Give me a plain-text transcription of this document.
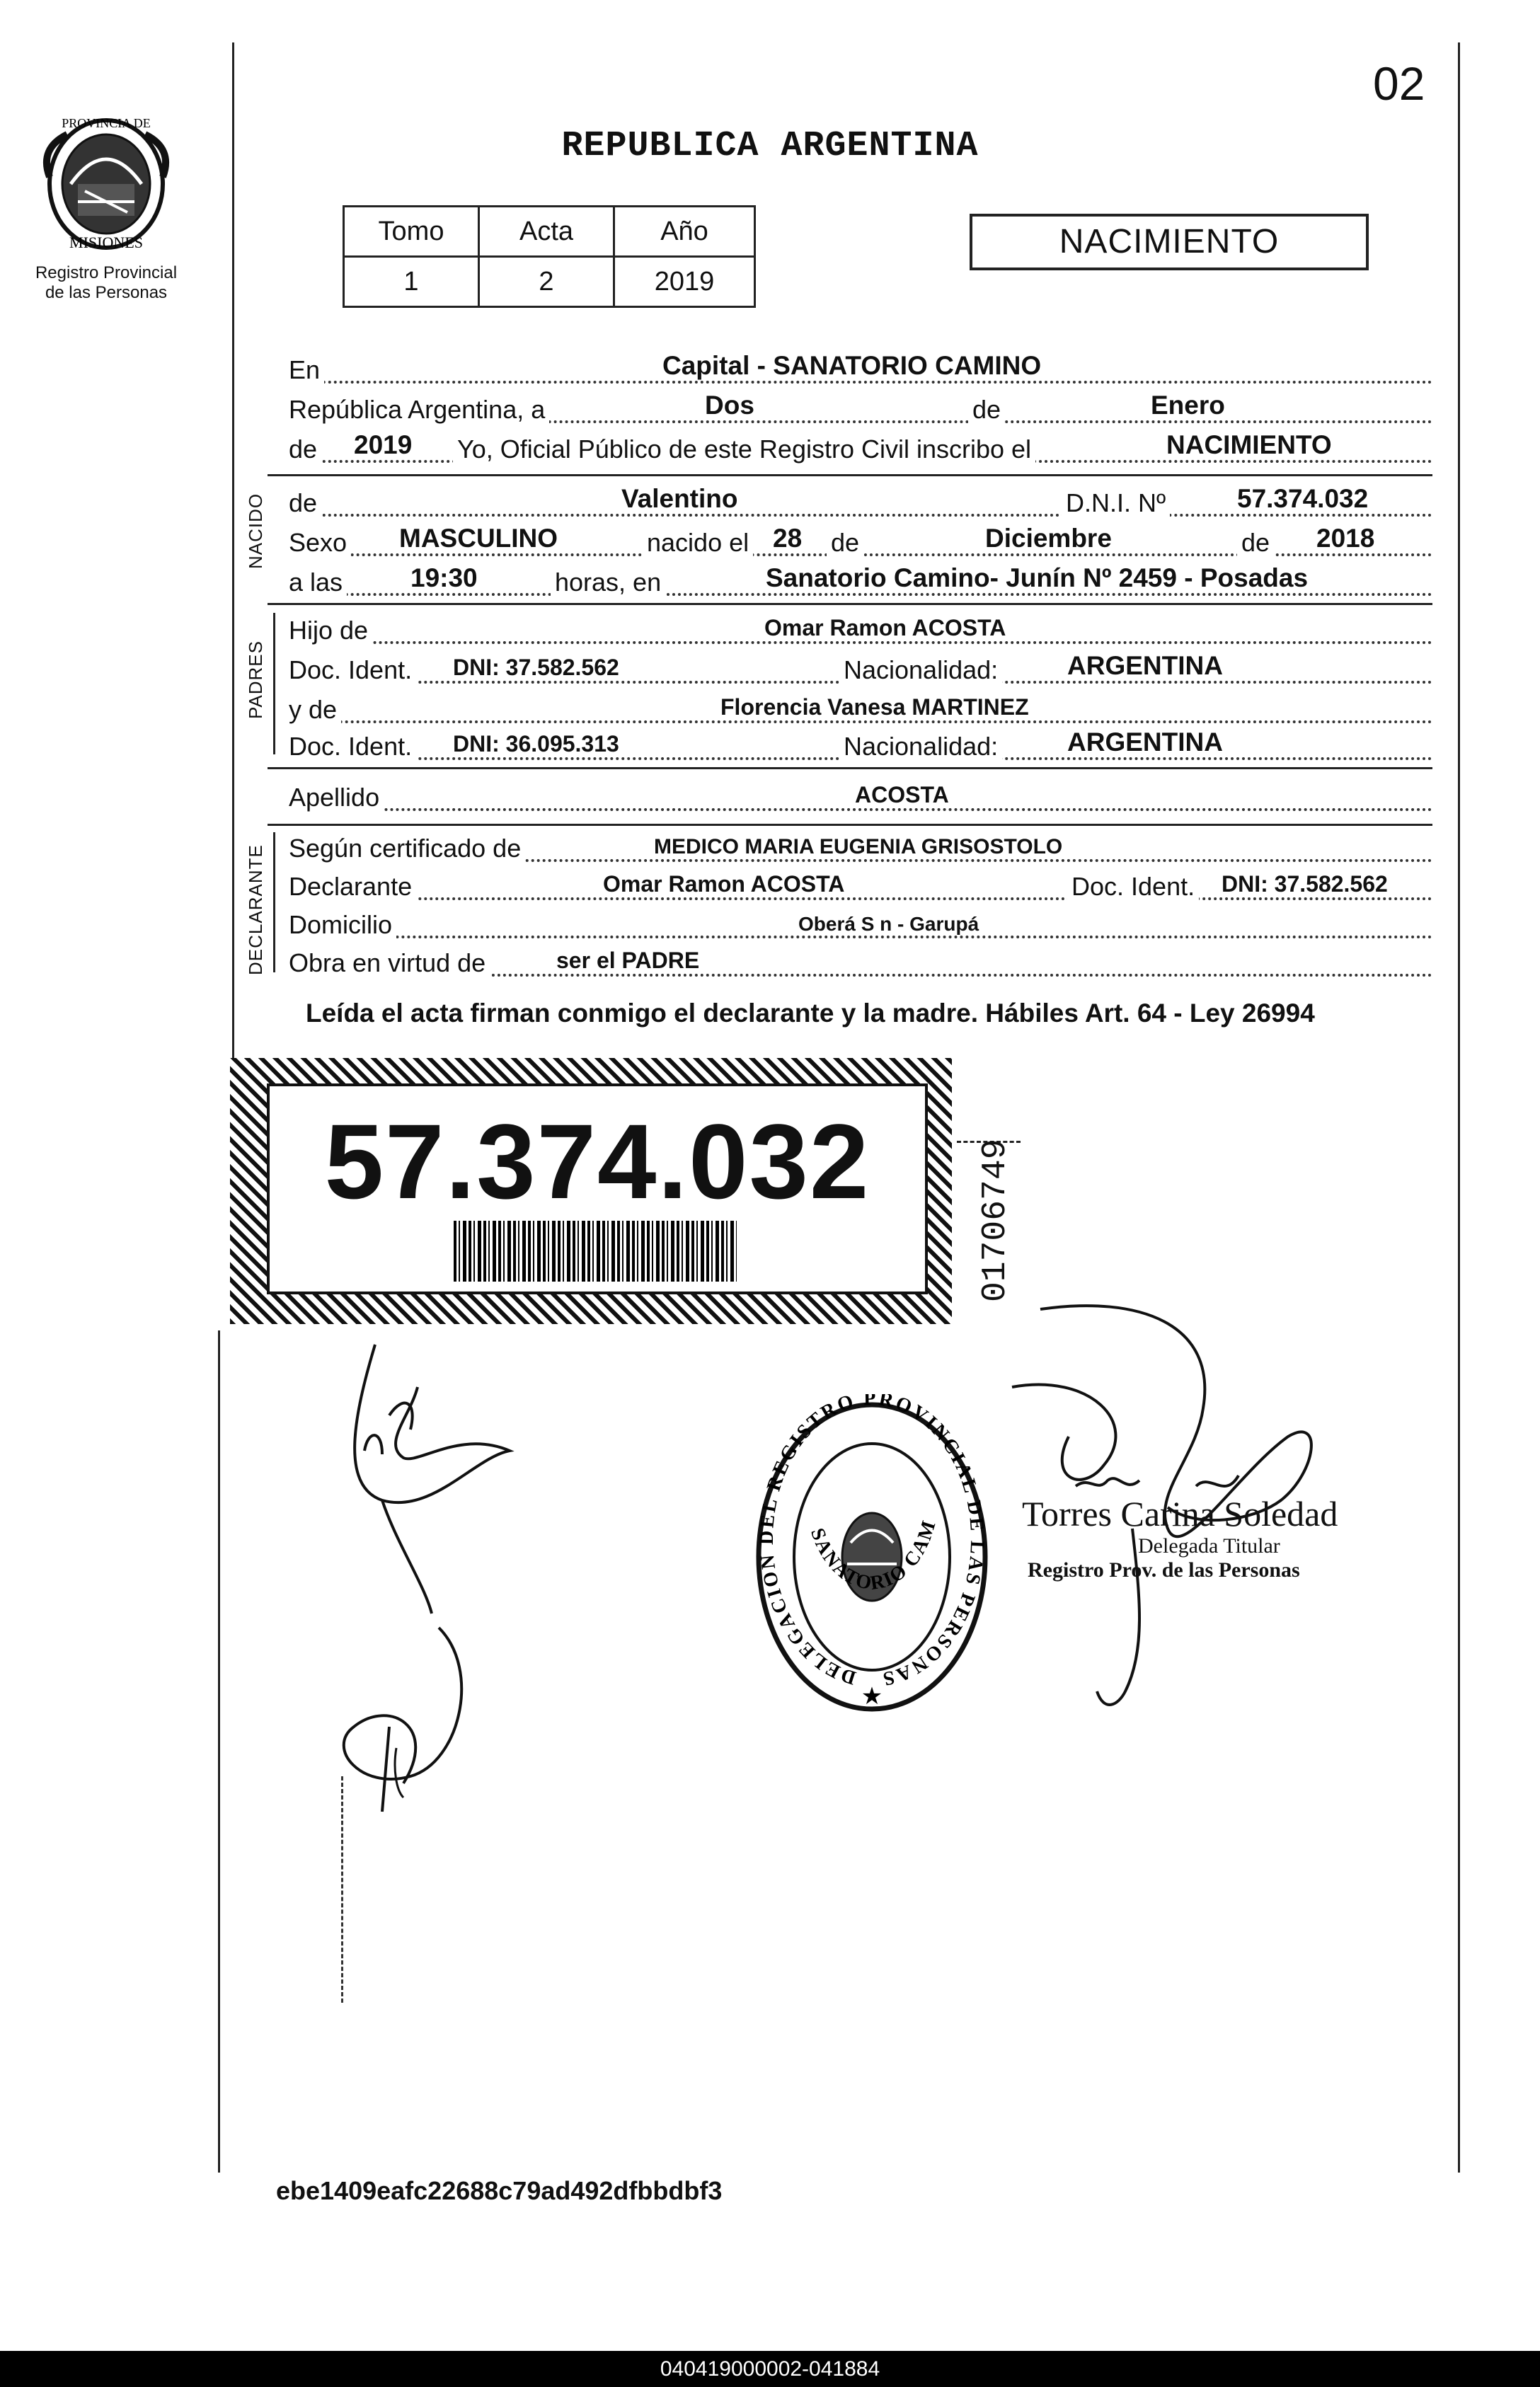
02
REPUBLICA ARGENTINA
PROVINCIA DE
MISIONES
Registro Provincial
de las Personas
Tomo	Acta	Año
1	2	2019
NACIMIENTO
En	Capital - SANATORIO CAMINO
República Argentina, a	Dos	de	Enero
de 2019 Yo, Oficial Público de este Registro Civil inscribo el	NACIMIENTO
NACIDO de	Valentino	D.N.I. Nº	57.374.032
Sexo MASCULINO	nacido el 28 de	Diciembre	de 2018
a las	19:30	horas, en	Sanatorio Camino- Junín Nº 2459 - Posadas
PADRES
Hijo de	Omar Ramon ACOSTA
Doc. Ident. DNI: 37.582.562	Nacionalidad:	ARGENTINA
y de	Florencia Vanesa MARTINEZ
Doc. Ident. DNI: 36.095.313	Nacionalidad:	ARGENTINA
Apellido	ACOSTA
DECLARANTE Según certificado de	MEDICO MARIA EUGENIA GRISOSTOLO
Declarante	Omar Ramon ACOSTA	Doc. Ident. DNI: 37.582.562
Domicilio	Oberá S n - Garupá
Obra en virtud de	ser el PADRE
Leída el acta firman conmigo el declarante y la madre. Hábiles Art. 64 - Ley 26994
57.374.032	01706749
★
DELEGACION DEL REGISTRO PROVINCIAL DE LAS PERSONAS
SANATORIO CAM Torres Carina Soledad
Delegada Titular
Registro Prov. de las Personas
ebe1409eafc22688c79ad492dfbbdbf3
040419000002-041884
